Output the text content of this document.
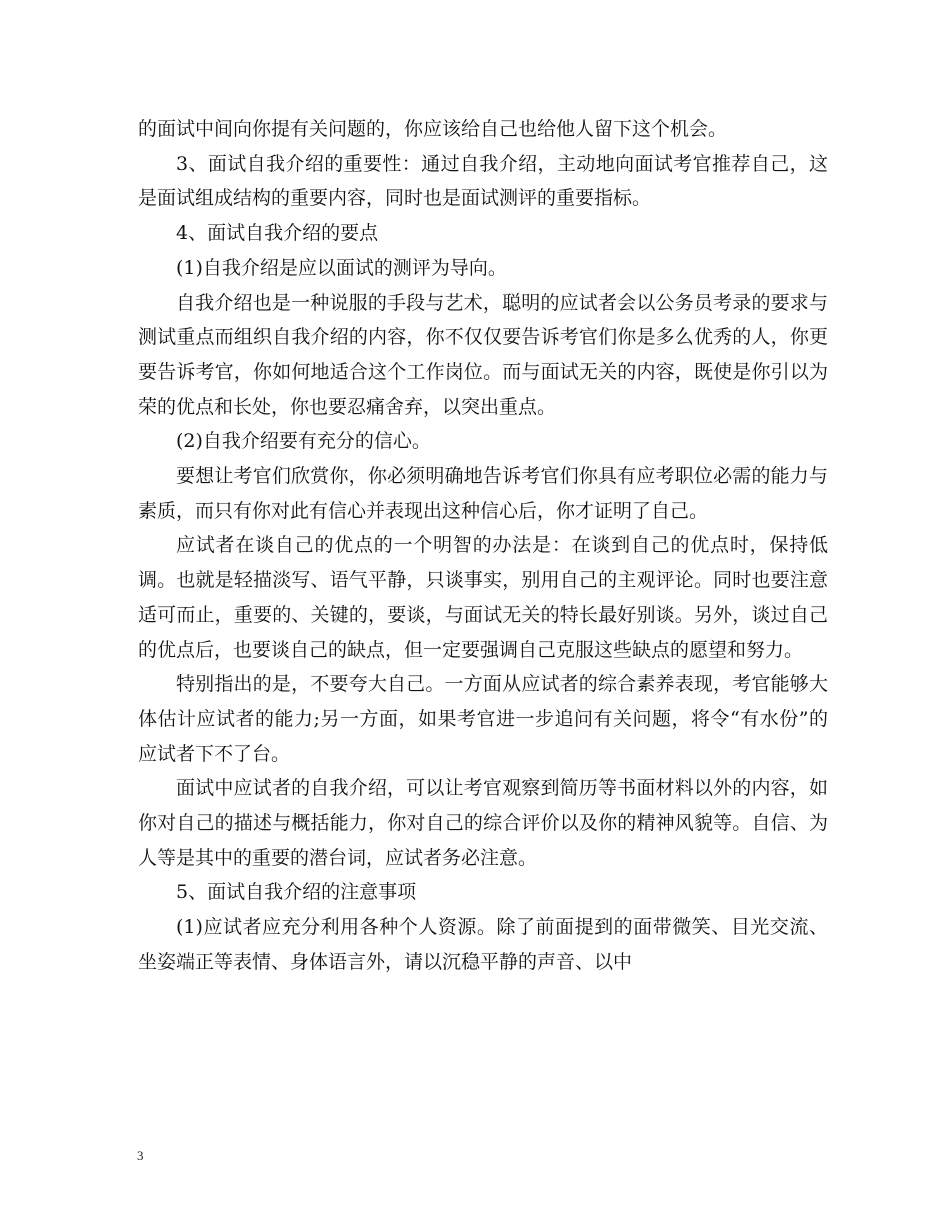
的面试中间向你提有关问题的，你应该给自己也给他人留下这个机会。

3、面试自我介绍的重要性：通过自我介绍，主动地向面试考官推荐自己，这是面试组成结构的重要内容，同时也是面试测评的重要指标。

4、面试自我介绍的要点

(1)自我介绍是应以面试的测评为导向。

自我介绍也是一种说服的手段与艺术，聪明的应试者会以公务员考录的要求与测试重点而组织自我介绍的内容，你不仅仅要告诉考官们你是多么优秀的人，你更要告诉考官，你如何地适合这个工作岗位。而与面试无关的内容，既使是你引以为荣的优点和长处，你也要忍痛舍弃，以突出重点。

(2)自我介绍要有充分的信心。

要想让考官们欣赏你，你必须明确地告诉考官们你具有应考职位必需的能力与素质，而只有你对此有信心并表现出这种信心后，你才证明了自己。

应试者在谈自己的优点的一个明智的办法是：在谈到自己的优点时，保持低调。也就是轻描淡写、语气平静，只谈事实，别用自己的主观评论。同时也要注意适可而止，重要的、关键的，要谈，与面试无关的特长最好别谈。另外，谈过自己的优点后，也要谈自己的缺点，但一定要强调自己克服这些缺点的愿望和努力。

特别指出的是，不要夸大自己。一方面从应试者的综合素养表现，考官能够大体估计应试者的能力;另一方面，如果考官进一步追问有关问题，将令“有水份”的应试者下不了台。

面试中应试者的自我介绍，可以让考官观察到简历等书面材料以外的内容，如你对自己的描述与概括能力，你对自己的综合评价以及你的精神风貌等。自信、为人等是其中的重要的潜台词，应试者务必注意。

5、面试自我介绍的注意事项

(1)应试者应充分利用各种个人资源。除了前面提到的面带微笑、目光交流、坐姿端正等表情、身体语言外，请以沉稳平静的声音、以中

3
